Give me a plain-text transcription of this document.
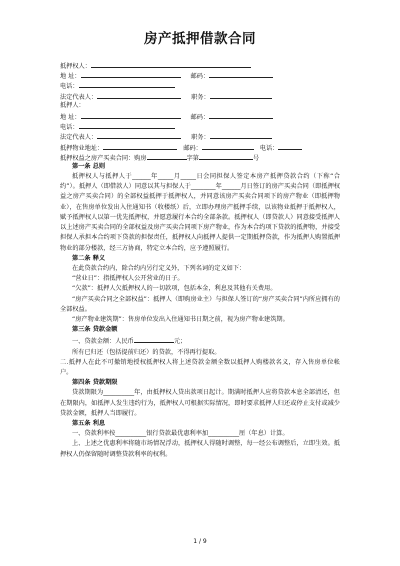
房产抵押借款合同
抵押权人：
地 址：	邮码：
电话：
法定代表人：	职务：
抵押人：
地 址：	邮码：
电话：
法定代表人：	职务：
抵押物业地址：	邮码：	电话：
抵押权益之房产买卖合同：购房	字第	号
第一条 总则
抵押权人与抵押人于______年_____月_____日会同担保人签定本房产抵押贷款合约（下称“合约”）。抵押人（即借款人）同意以其与担保人于________年______月日签订的房产买卖合同（即抵押权益之房产买卖合同）的全部权益抵押于抵押权人，并同意该房产买卖合同项下的房产物业（即抵押物业），在售房单位发出入住通知书（收楼纸）后，立即办理房产抵押手续，以该物业抵押于抵押权人，赋予抵押权人以第一优先抵押权，并愿意履行本合约全部条款。抵押权人（即贷款人）同意接受抵押人以上述房产买卖合同的全部权益及房产买卖合同项下房产物业，作为本合约项下贷款的抵押物，并接受担保人承担本合约项下贷款的担保责任，抵押权人向抵押人提供一定期抵押贷款，作为抵押人购置抵押物业的部分楼款，经三方协商，特定立本合约，应予遵照履行。
第二条 释义
在此贷款合约内，除合约内另行定义外，下列名词的定义如下：
“营业日”：指抵押权人公开营业的日子。
“欠款”：抵押人欠抵押权人的一切款项，包括本金，利息及其他有关费用。
“房产买卖合同之全部权益”：抵押人（即购房业主）与担保人签订的“房产买卖合同”内所应拥有的全部权益。
“房产物业建筑期”：售房单位发出入住通知书日期之前，视为房产物业建筑期。
第三条 贷款金额
一、贷款金额：人民币	元；
所有已归还（包括提前归还）的贷款，不得再行提取。
二.抵押人在此不可撤销地授权抵押权人将上述贷款金额全数以抵押人购楼款名义，存入售房单位帐户。
第四条 贷款期限
贷款期限为__________年，由抵押权人贷出款项日起计。期满时抵押人应将贷款本息全部清还，但在期限内，如抵押人发生违约行为，抵押权人可根据实际情况，即时要求抵押人归还或停止支付或减少贷款金额，抵押人当即履行。
第五条 利息
一、贷款利率按__________银行贷款最优惠利率加__________厘（年息）计算。
上、上述之优惠利率将随市场情况浮动，抵押权人得随时调整，每一经公布调整后，立即生效。抵押权人仍保留随时调整贷款利率的权利。
1 / 9
